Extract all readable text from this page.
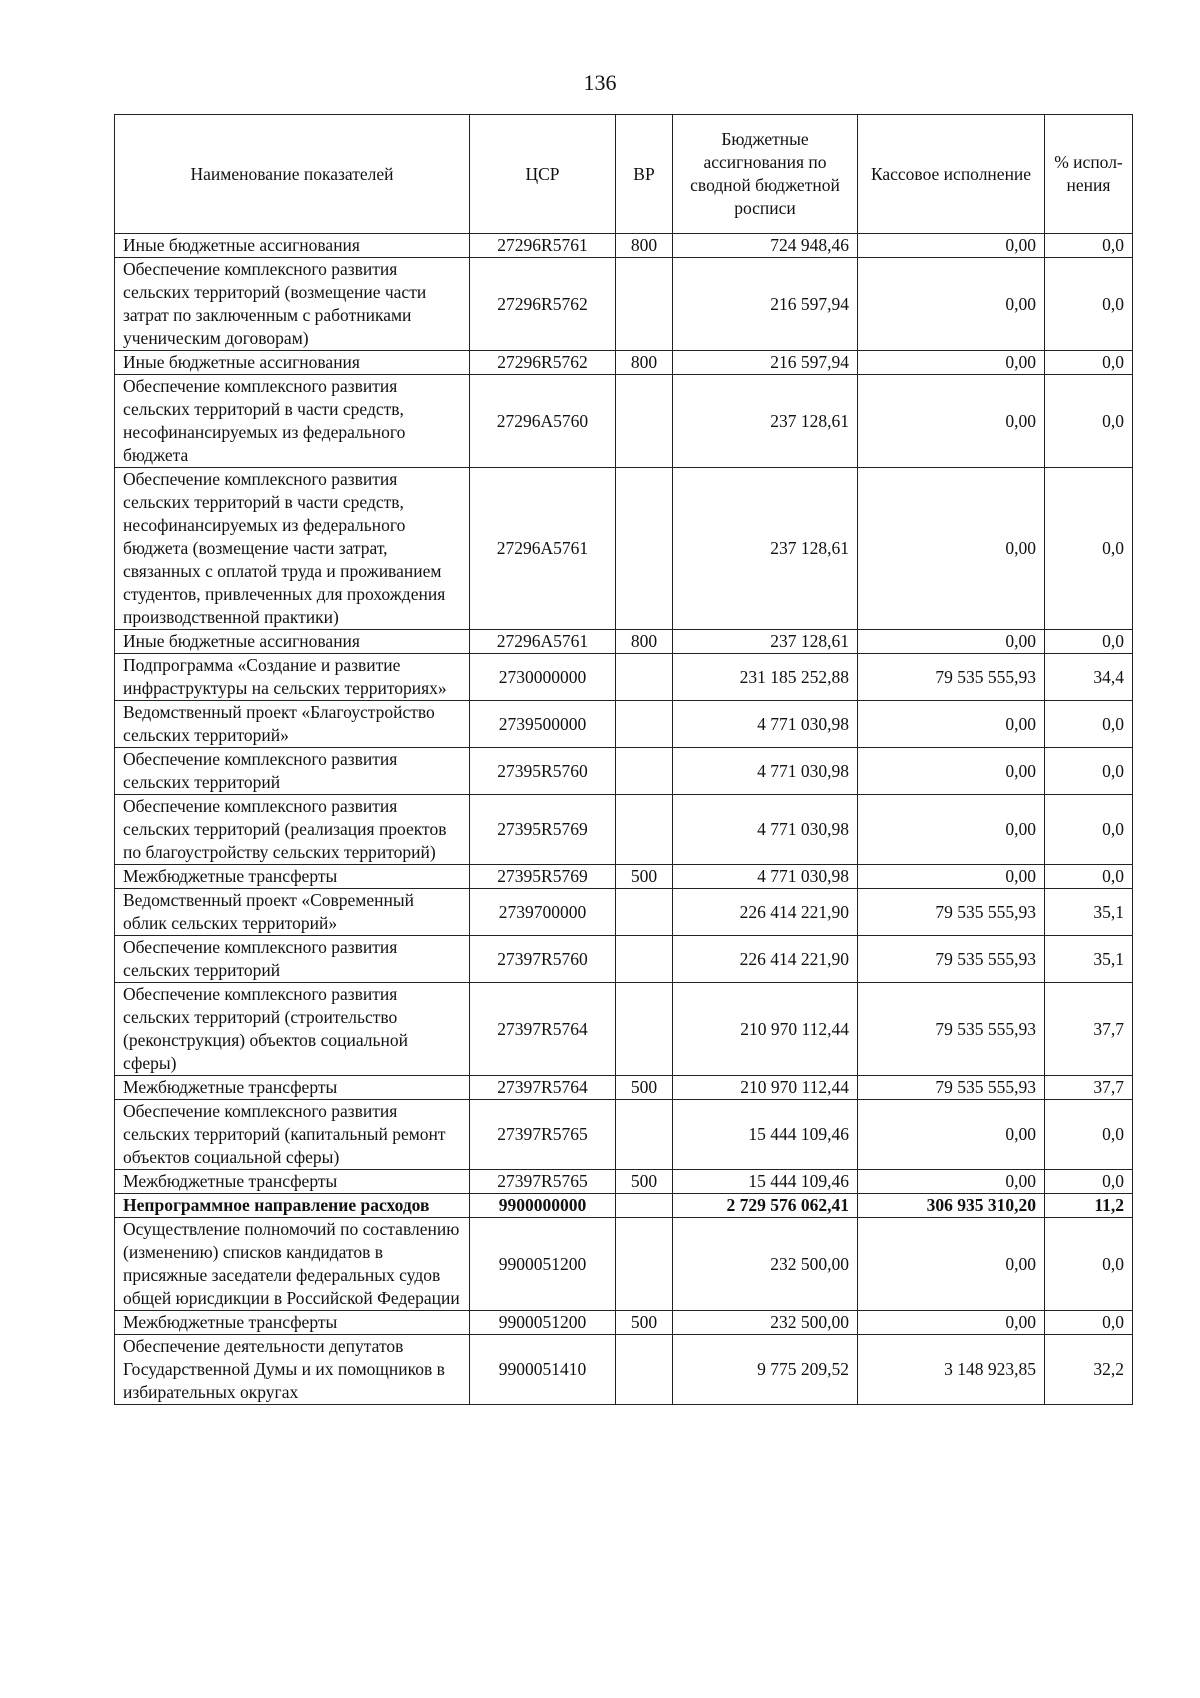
136
Наименование показателей	ЦСР	ВР	Бюджетные ассигнования по сводной бюджетной росписи	Кассовое исполнение	% испол-нения
Иные бюджетные ассигнования	27296R5761	800	724 948,46	0,00	0,0
Обеспечение комплексного развития сельских территорий (возмещение части затрат по заключенным с работниками ученическим договорам)	27296R5762		216 597,94	0,00	0,0
Иные бюджетные ассигнования	27296R5762	800	216 597,94	0,00	0,0
Обеспечение комплексного развития сельских территорий в части средств, несофинансируемых из федерального бюджета	27296A5760		237 128,61	0,00	0,0
Обеспечение комплексного развития сельских территорий в части средств, несофинансируемых из федерального бюджета (возмещение части затрат, связанных с оплатой труда и проживанием студентов, привлеченных для прохождения производственной практики)	27296A5761		237 128,61	0,00	0,0
Иные бюджетные ассигнования	27296A5761	800	237 128,61	0,00	0,0
Подпрограмма «Создание и развитие инфраструктуры на сельских территориях»	2730000000		231 185 252,88	79 535 555,93	34,4
Ведомственный проект «Благоустройство сельских территорий»	2739500000		4 771 030,98	0,00	0,0
Обеспечение комплексного развития сельских территорий	27395R5760		4 771 030,98	0,00	0,0
Обеспечение комплексного развития сельских территорий (реализация проектов по благоустройству сельских территорий)	27395R5769		4 771 030,98	0,00	0,0
Межбюджетные трансферты	27395R5769	500	4 771 030,98	0,00	0,0
Ведомственный проект «Современный облик сельских территорий»	2739700000		226 414 221,90	79 535 555,93	35,1
Обеспечение комплексного развития сельских территорий	27397R5760		226 414 221,90	79 535 555,93	35,1
Обеспечение комплексного развития сельских территорий (строительство (реконструкция) объектов социальной сферы)	27397R5764		210 970 112,44	79 535 555,93	37,7
Межбюджетные трансферты	27397R5764	500	210 970 112,44	79 535 555,93	37,7
Обеспечение комплексного развития сельских территорий (капитальный ремонт объектов социальной сферы)	27397R5765		15 444 109,46	0,00	0,0
Межбюджетные трансферты	27397R5765	500	15 444 109,46	0,00	0,0
Непрограммное направление расходов	9900000000		2 729 576 062,41	306 935 310,20	11,2
Осуществление полномочий по составлению (изменению) списков кандидатов в присяжные заседатели федеральных судов общей юрисдикции в Российской Федерации	9900051200		232 500,00	0,00	0,0
Межбюджетные трансферты	9900051200	500	232 500,00	0,00	0,0
Обеспечение деятельности депутатов Государственной Думы и их помощников в избирательных округах	9900051410		9 775 209,52	3 148 923,85	32,2
